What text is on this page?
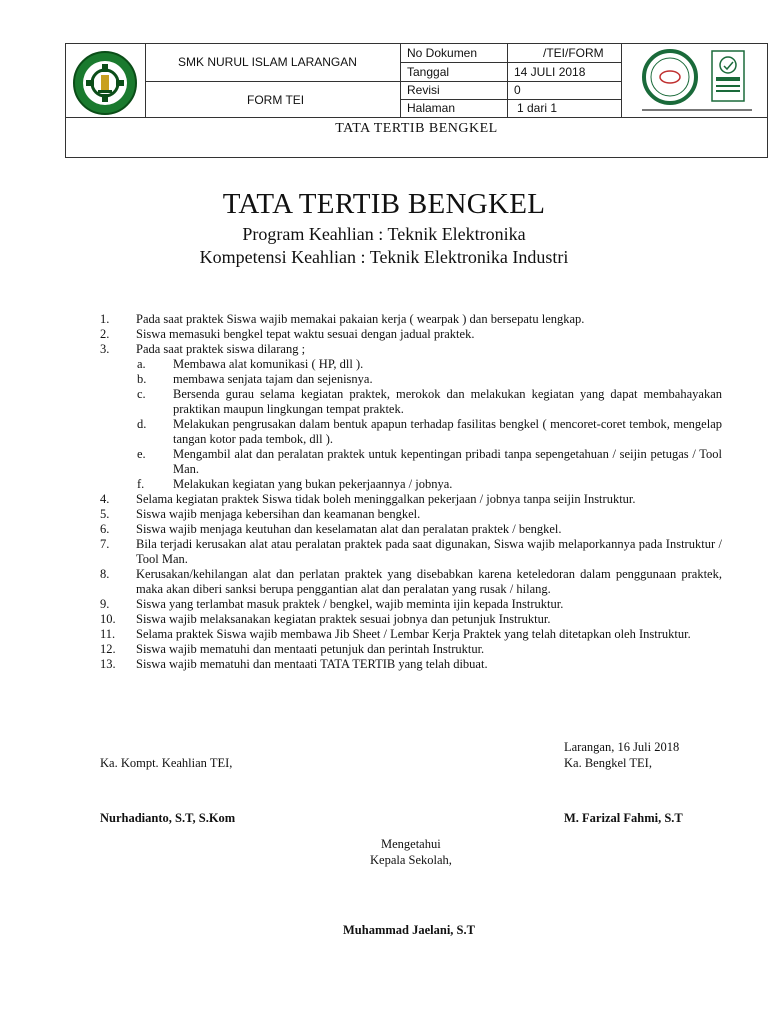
SMK NURUL ISLAM LARANGAN
FORM TEI
No Dokumen	/TEI/FORM
Tanggal	14 JULI 2018
Revisi	0
Halaman	1 dari 1
TATA TERTIB BENGKEL
TATA TERTIB BENGKEL
Program Keahlian : Teknik Elektronika
Kompetensi Keahlian : Teknik Elektronika Industri
1. Pada saat praktek Siswa wajib memakai pakaian kerja ( wearpak ) dan bersepatu lengkap.
2. Siswa memasuki bengkel tepat waktu sesuai dengan jadual praktek.
3. Pada saat praktek siswa dilarang ;
a. Membawa alat komunikasi ( HP, dll ).
b. membawa senjata tajam dan sejenisnya.
c. Bersenda gurau selama kegiatan praktek, merokok dan melakukan kegiatan yang dapat membahayakan praktikan maupun lingkungan tempat praktek.
d. Melakukan pengrusakan dalam bentuk apapun terhadap fasilitas bengkel ( mencoret-coret tembok, mengelap tangan kotor pada tembok, dll ).
e. Mengambil alat dan peralatan praktek untuk kepentingan pribadi tanpa sepengetahuan / seijin petugas / Tool Man.
f. Melakukan kegiatan yang bukan pekerjaannya / jobnya.
4. Selama kegiatan praktek Siswa tidak boleh meninggalkan pekerjaan / jobnya tanpa seijin Instruktur.
5. Siswa wajib menjaga kebersihan dan keamanan bengkel.
6. Siswa wajib menjaga keutuhan dan keselamatan alat dan peralatan praktek / bengkel.
7. Bila terjadi kerusakan alat atau peralatan praktek pada saat digunakan, Siswa wajib melaporkannya pada Instruktur / Tool Man.
8. Kerusakan/kehilangan alat dan perlatan praktek yang disebabkan karena keteledoran dalam penggunaan praktek, maka akan diberi sanksi berupa penggantian alat dan peralatan yang rusak / hilang.
9. Siswa yang terlambat masuk praktek / bengkel, wajib meminta ijin kepada Instruktur.
10. Siswa wajib melaksanakan kegiatan praktek sesuai jobnya dan petunjuk Instruktur.
11. Selama praktek Siswa wajib membawa Jib Sheet / Lembar Kerja Praktek yang telah ditetapkan oleh Instruktur.
12. Siswa wajib mematuhi dan mentaati petunjuk dan perintah Instruktur.
13. Siswa wajib mematuhi dan mentaati TATA TERTIB yang telah dibuat.
Larangan, 16 Juli 2018
Ka. Kompt. Keahlian TEI,	Ka. Bengkel TEI,
Nurhadianto, S.T, S.Kom	M. Farizal Fahmi, S.T
Mengetahui
Kepala Sekolah,
Muhammad Jaelani, S.T
